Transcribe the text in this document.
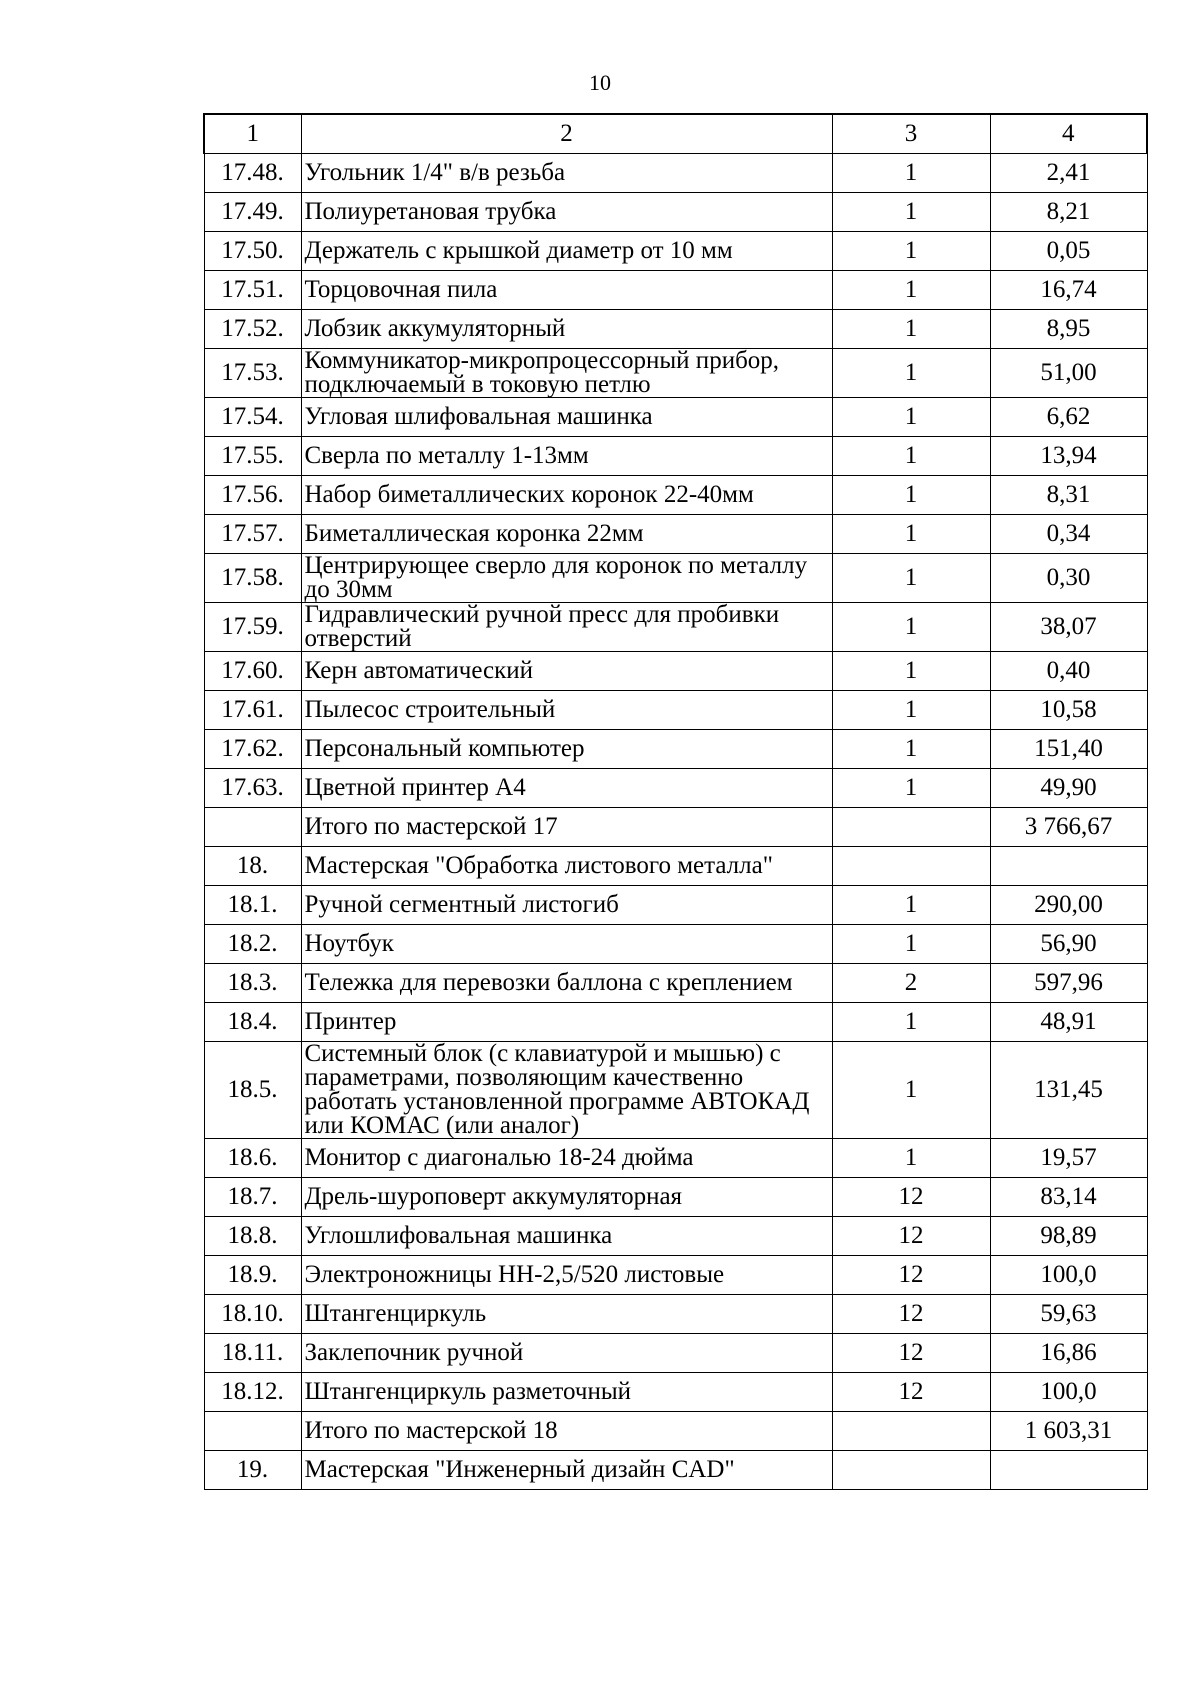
10
1	2	3	4
17.48.	Угольник 1/4" в/в резьба	1	2,41
17.49.	Полиуретановая трубка	1	8,21
17.50.	Держатель с крышкой диаметр от 10 мм	1	0,05
17.51.	Торцовочная пила	1	16,74
17.52.	Лобзик аккумуляторный	1	8,95
17.53.	Коммуникатор-микропроцессорный прибор, подключаемый в токовую петлю	1	51,00
17.54.	Угловая шлифовальная машинка	1	6,62
17.55.	Сверла по металлу 1-13мм	1	13,94
17.56.	Набор биметаллических коронок 22-40мм	1	8,31
17.57.	Биметаллическая коронка 22мм	1	0,34
17.58.	Центрирующее сверло для коронок по металлу до 30мм	1	0,30
17.59.	Гидравлический ручной пресс для пробивки отверстий	1	38,07
17.60.	Керн автоматический	1	0,40
17.61.	Пылесос строительный	1	10,58
17.62.	Персональный компьютер	1	151,40
17.63.	Цветной принтер А4	1	49,90
	Итого по мастерской 17		3 766,67
18.	Мастерская "Обработка листового металла"		
18.1.	Ручной сегментный листогиб	1	290,00
18.2.	Ноутбук	1	56,90
18.3.	Тележка для перевозки баллона с креплением	2	597,96
18.4.	Принтер	1	48,91
18.5.	Системный блок (с клавиатурой и мышью) с параметрами, позволяющим качественно работать установленной программе АВТОКАД или КОМАС (или аналог)	1	131,45
18.6.	Монитор с диагональю 18-24 дюйма	1	19,57
18.7.	Дрель-шуроповерт аккумуляторная	12	83,14
18.8.	Углошлифовальная машинка	12	98,89
18.9.	Электроножницы НН-2,5/520 листовые	12	100,0
18.10.	Штангенциркуль	12	59,63
18.11.	Заклепочник ручной	12	16,86
18.12.	Штангенциркуль разметочный	12	100,0
	Итого по мастерской 18		1 603,31
19.	Мастерская "Инженерный дизайн CAD"		
